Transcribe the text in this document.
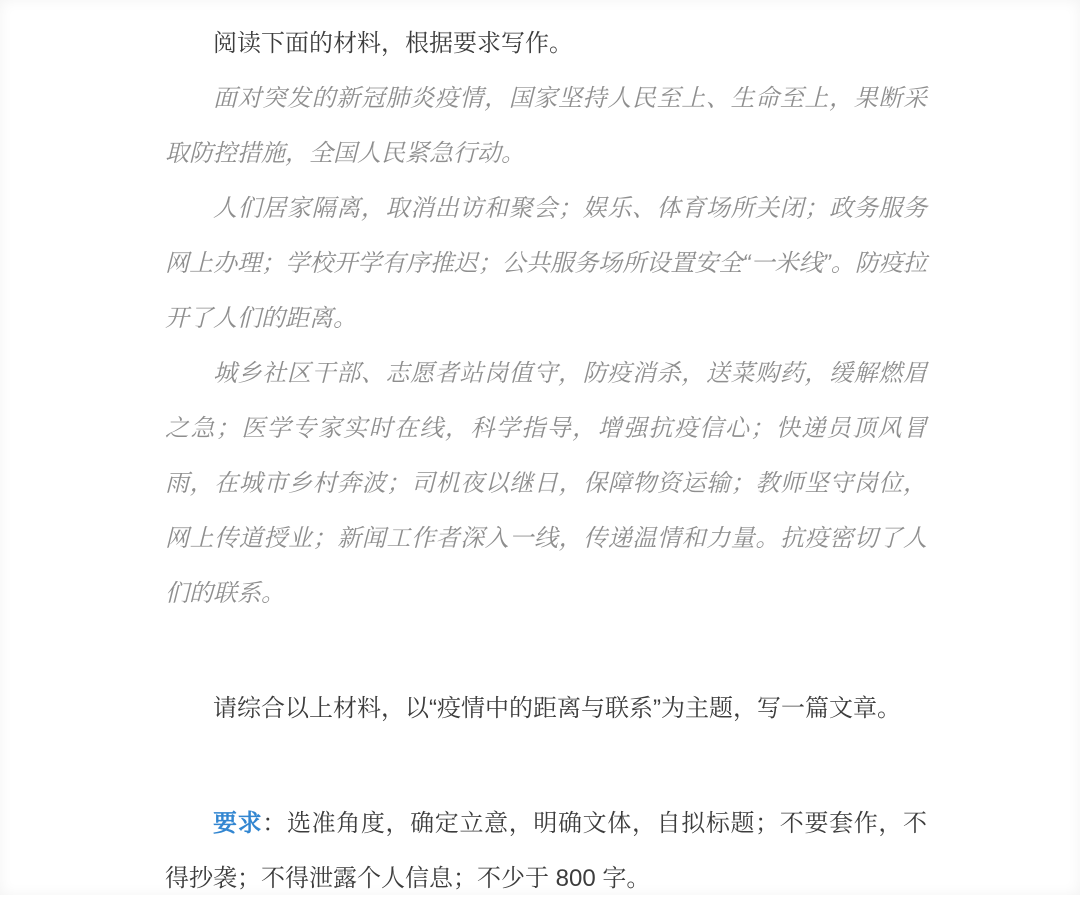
阅读下面的材料，根据要求写作。

面对突发的新冠肺炎疫情，国家坚持人民至上、生命至上，果断采取防控措施，全国人民紧急行动。

人们居家隔离，取消出访和聚会；娱乐、体育场所关闭；政务服务网上办理；学校开学有序推迟；公共服务场所设置安全“一米线”。防疫拉开了人们的距离。

城乡社区干部、志愿者站岗值守，防疫消杀，送菜购药，缓解燃眉之急；医学专家实时在线，科学指导，增强抗疫信心；快递员顶风冒雨，在城市乡村奔波；司机夜以继日，保障物资运输；教师坚守岗位，网上传道授业；新闻工作者深入一线，传递温情和力量。抗疫密切了人们的联系。

请综合以上材料，以“疫情中的距离与联系”为主题，写一篇文章。

要求：选准角度，确定立意，明确文体，自拟标题；不要套作，不得抄袭；不得泄露个人信息；不少于 800 字。
